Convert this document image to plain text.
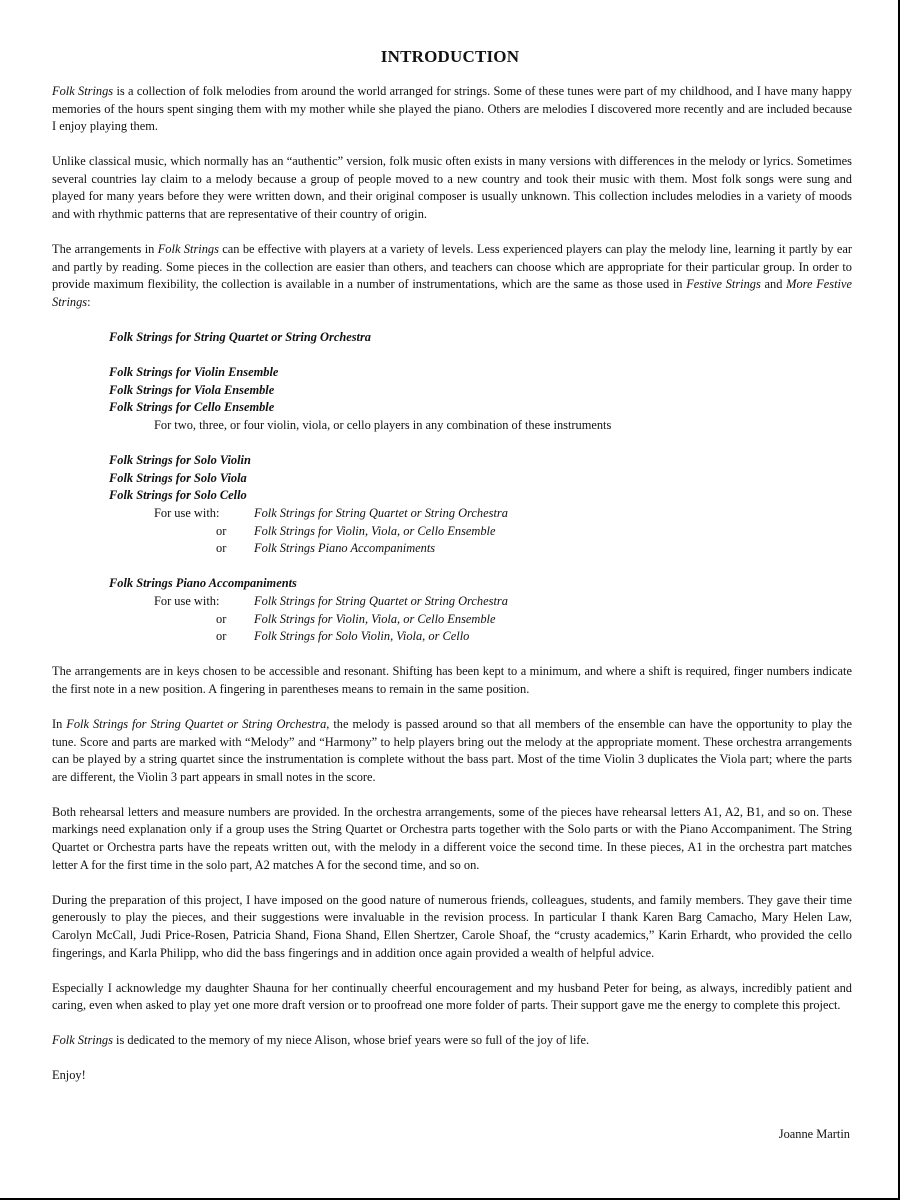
INTRODUCTION

Folk Strings is a collection of folk melodies from around the world arranged for strings. Some of these tunes were part of my childhood, and I have many happy memories of the hours spent singing them with my mother while she played the piano. Others are melodies I discovered more recently and are included because I enjoy playing them.

Unlike classical music, which normally has an “authentic” version, folk music often exists in many versions with differences in the melody or lyrics. Sometimes several countries lay claim to a melody because a group of people moved to a new country and took their music with them. Most folk songs were sung and played for many years before they were written down, and their original composer is usually unknown. This collection includes melodies in a variety of moods and with rhythmic patterns that are representative of their country of origin.

The arrangements in Folk Strings can be effective with players at a variety of levels. Less experienced players can play the melody line, learning it partly by ear and partly by reading. Some pieces in the collection are easier than others, and teachers can choose which are appropriate for their particular group. In order to provide maximum flexibility, the collection is available in a number of instrumentations, which are the same as those used in Festive Strings and More Festive Strings:

Folk Strings for String Quartet or String Orchestra
Folk Strings for Violin Ensemble
Folk Strings for Viola Ensemble
Folk Strings for Cello Ensemble
For two, three, or four violin, viola, or cello players in any combination of these instruments
Folk Strings for Solo Violin
Folk Strings for Solo Viola
Folk Strings for Solo Cello
For use with:	Folk Strings for String Quartet or String Orchestra
or	Folk Strings for Violin, Viola, or Cello Ensemble
or	Folk Strings Piano Accompaniments
Folk Strings Piano Accompaniments
For use with:	Folk Strings for String Quartet or String Orchestra
or	Folk Strings for Violin, Viola, or Cello Ensemble
or	Folk Strings for Solo Violin, Viola, or Cello

The arrangements are in keys chosen to be accessible and resonant. Shifting has been kept to a minimum, and where a shift is required, finger numbers indicate the first note in a new position. A fingering in parentheses means to remain in the same position.

In Folk Strings for String Quartet or String Orchestra, the melody is passed around so that all members of the ensemble can have the opportunity to play the tune. Score and parts are marked with “Melody” and “Harmony” to help players bring out the melody at the appropriate moment. These orchestra arrangements can be played by a string quartet since the instrumentation is complete without the bass part. Most of the time Violin 3 duplicates the Viola part; where the parts are different, the Violin 3 part appears in small notes in the score.

Both rehearsal letters and measure numbers are provided. In the orchestra arrangements, some of the pieces have rehearsal letters A1, A2, B1, and so on. These markings need explanation only if a group uses the String Quartet or Orchestra parts together with the Solo parts or with the Piano Accompaniment. The String Quartet or Orchestra parts have the repeats written out, with the melody in a different voice the second time. In these pieces, A1 in the orchestra part matches letter A for the first time in the solo part, A2 matches A for the second time, and so on.

During the preparation of this project, I have imposed on the good nature of numerous friends, colleagues, students, and family members. They gave their time generously to play the pieces, and their suggestions were invaluable in the revision process. In particular I thank Karen Barg Camacho, Mary Helen Law, Carolyn McCall, Judi Price-Rosen, Patricia Shand, Fiona Shand, Ellen Shertzer, Carole Shoaf, the “crusty academics,” Karin Erhardt, who provided the cello fingerings, and Karla Philipp, who did the bass fingerings and in addition once again provided a wealth of helpful advice.

Especially I acknowledge my daughter Shauna for her continually cheerful encouragement and my husband Peter for being, as always, incredibly patient and caring, even when asked to play yet one more draft version or to proofread one more folder of parts. Their support gave me the energy to complete this project.

Folk Strings is dedicated to the memory of my niece Alison, whose brief years were so full of the joy of life.

Enjoy!

Joanne Martin
